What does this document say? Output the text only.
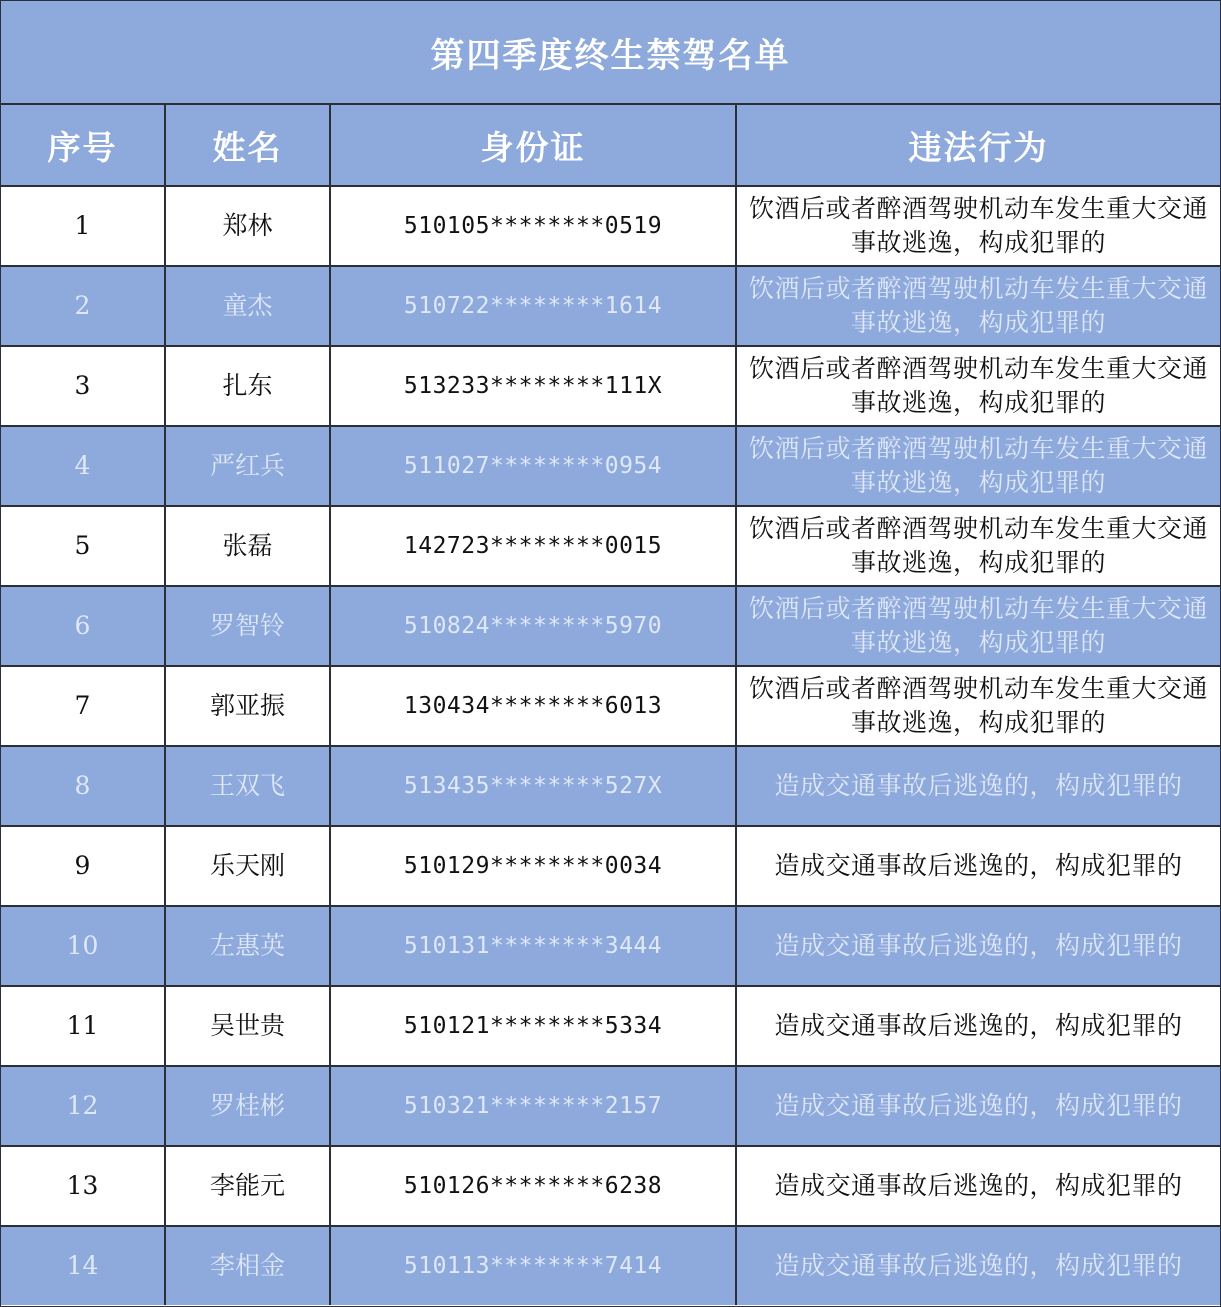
第四季度终生禁驾名单
序号	姓名	身份证	违法行为
1	郑林	510105********0519	饮酒后或者醉酒驾驶机动车发生重大交通事故逃逸，构成犯罪的
2	童杰	510722********1614	饮酒后或者醉酒驾驶机动车发生重大交通事故逃逸，构成犯罪的
3	扎东	513233********111X	饮酒后或者醉酒驾驶机动车发生重大交通事故逃逸，构成犯罪的
4	严红兵	511027********0954	饮酒后或者醉酒驾驶机动车发生重大交通事故逃逸，构成犯罪的
5	张磊	142723********0015	饮酒后或者醉酒驾驶机动车发生重大交通事故逃逸，构成犯罪的
6	罗智铃	510824********5970	饮酒后或者醉酒驾驶机动车发生重大交通事故逃逸，构成犯罪的
7	郭亚振	130434********6013	饮酒后或者醉酒驾驶机动车发生重大交通事故逃逸，构成犯罪的
8	王双飞	513435********527X	造成交通事故后逃逸的，构成犯罪的
9	乐天刚	510129********0034	造成交通事故后逃逸的，构成犯罪的
10	左惠英	510131********3444	造成交通事故后逃逸的，构成犯罪的
11	吴世贵	510121********5334	造成交通事故后逃逸的，构成犯罪的
12	罗桂彬	510321********2157	造成交通事故后逃逸的，构成犯罪的
13	李能元	510126********6238	造成交通事故后逃逸的，构成犯罪的
14	李相金	510113********7414	造成交通事故后逃逸的，构成犯罪的
